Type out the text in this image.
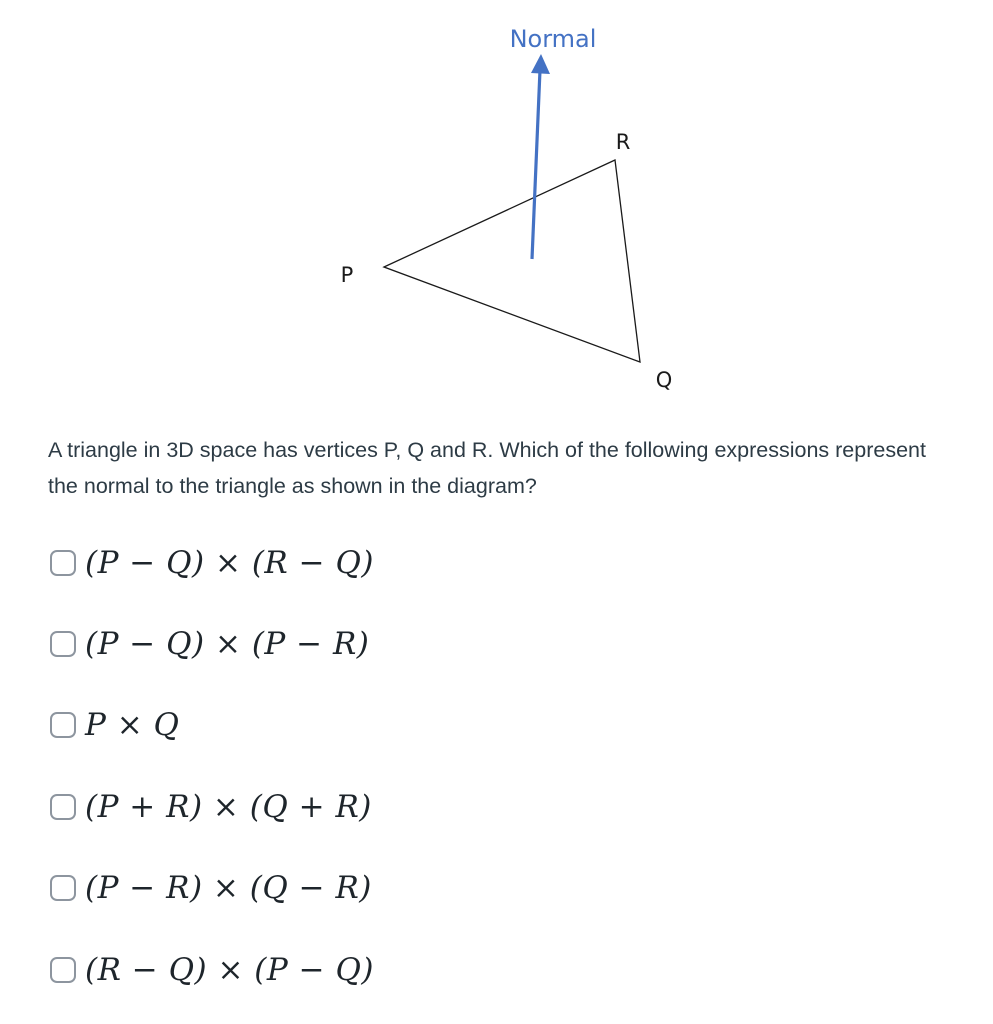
Normal
R
P
Q
A triangle in 3D space has vertices P, Q and R. Which of the following expressions represent the normal to the triangle as shown in the diagram?
(P − Q) × (R − Q)
(P − Q) × (P − R)
P × Q
(P + R) × (Q + R)
(P − R) × (Q − R)
(R − Q) × (P − Q)
